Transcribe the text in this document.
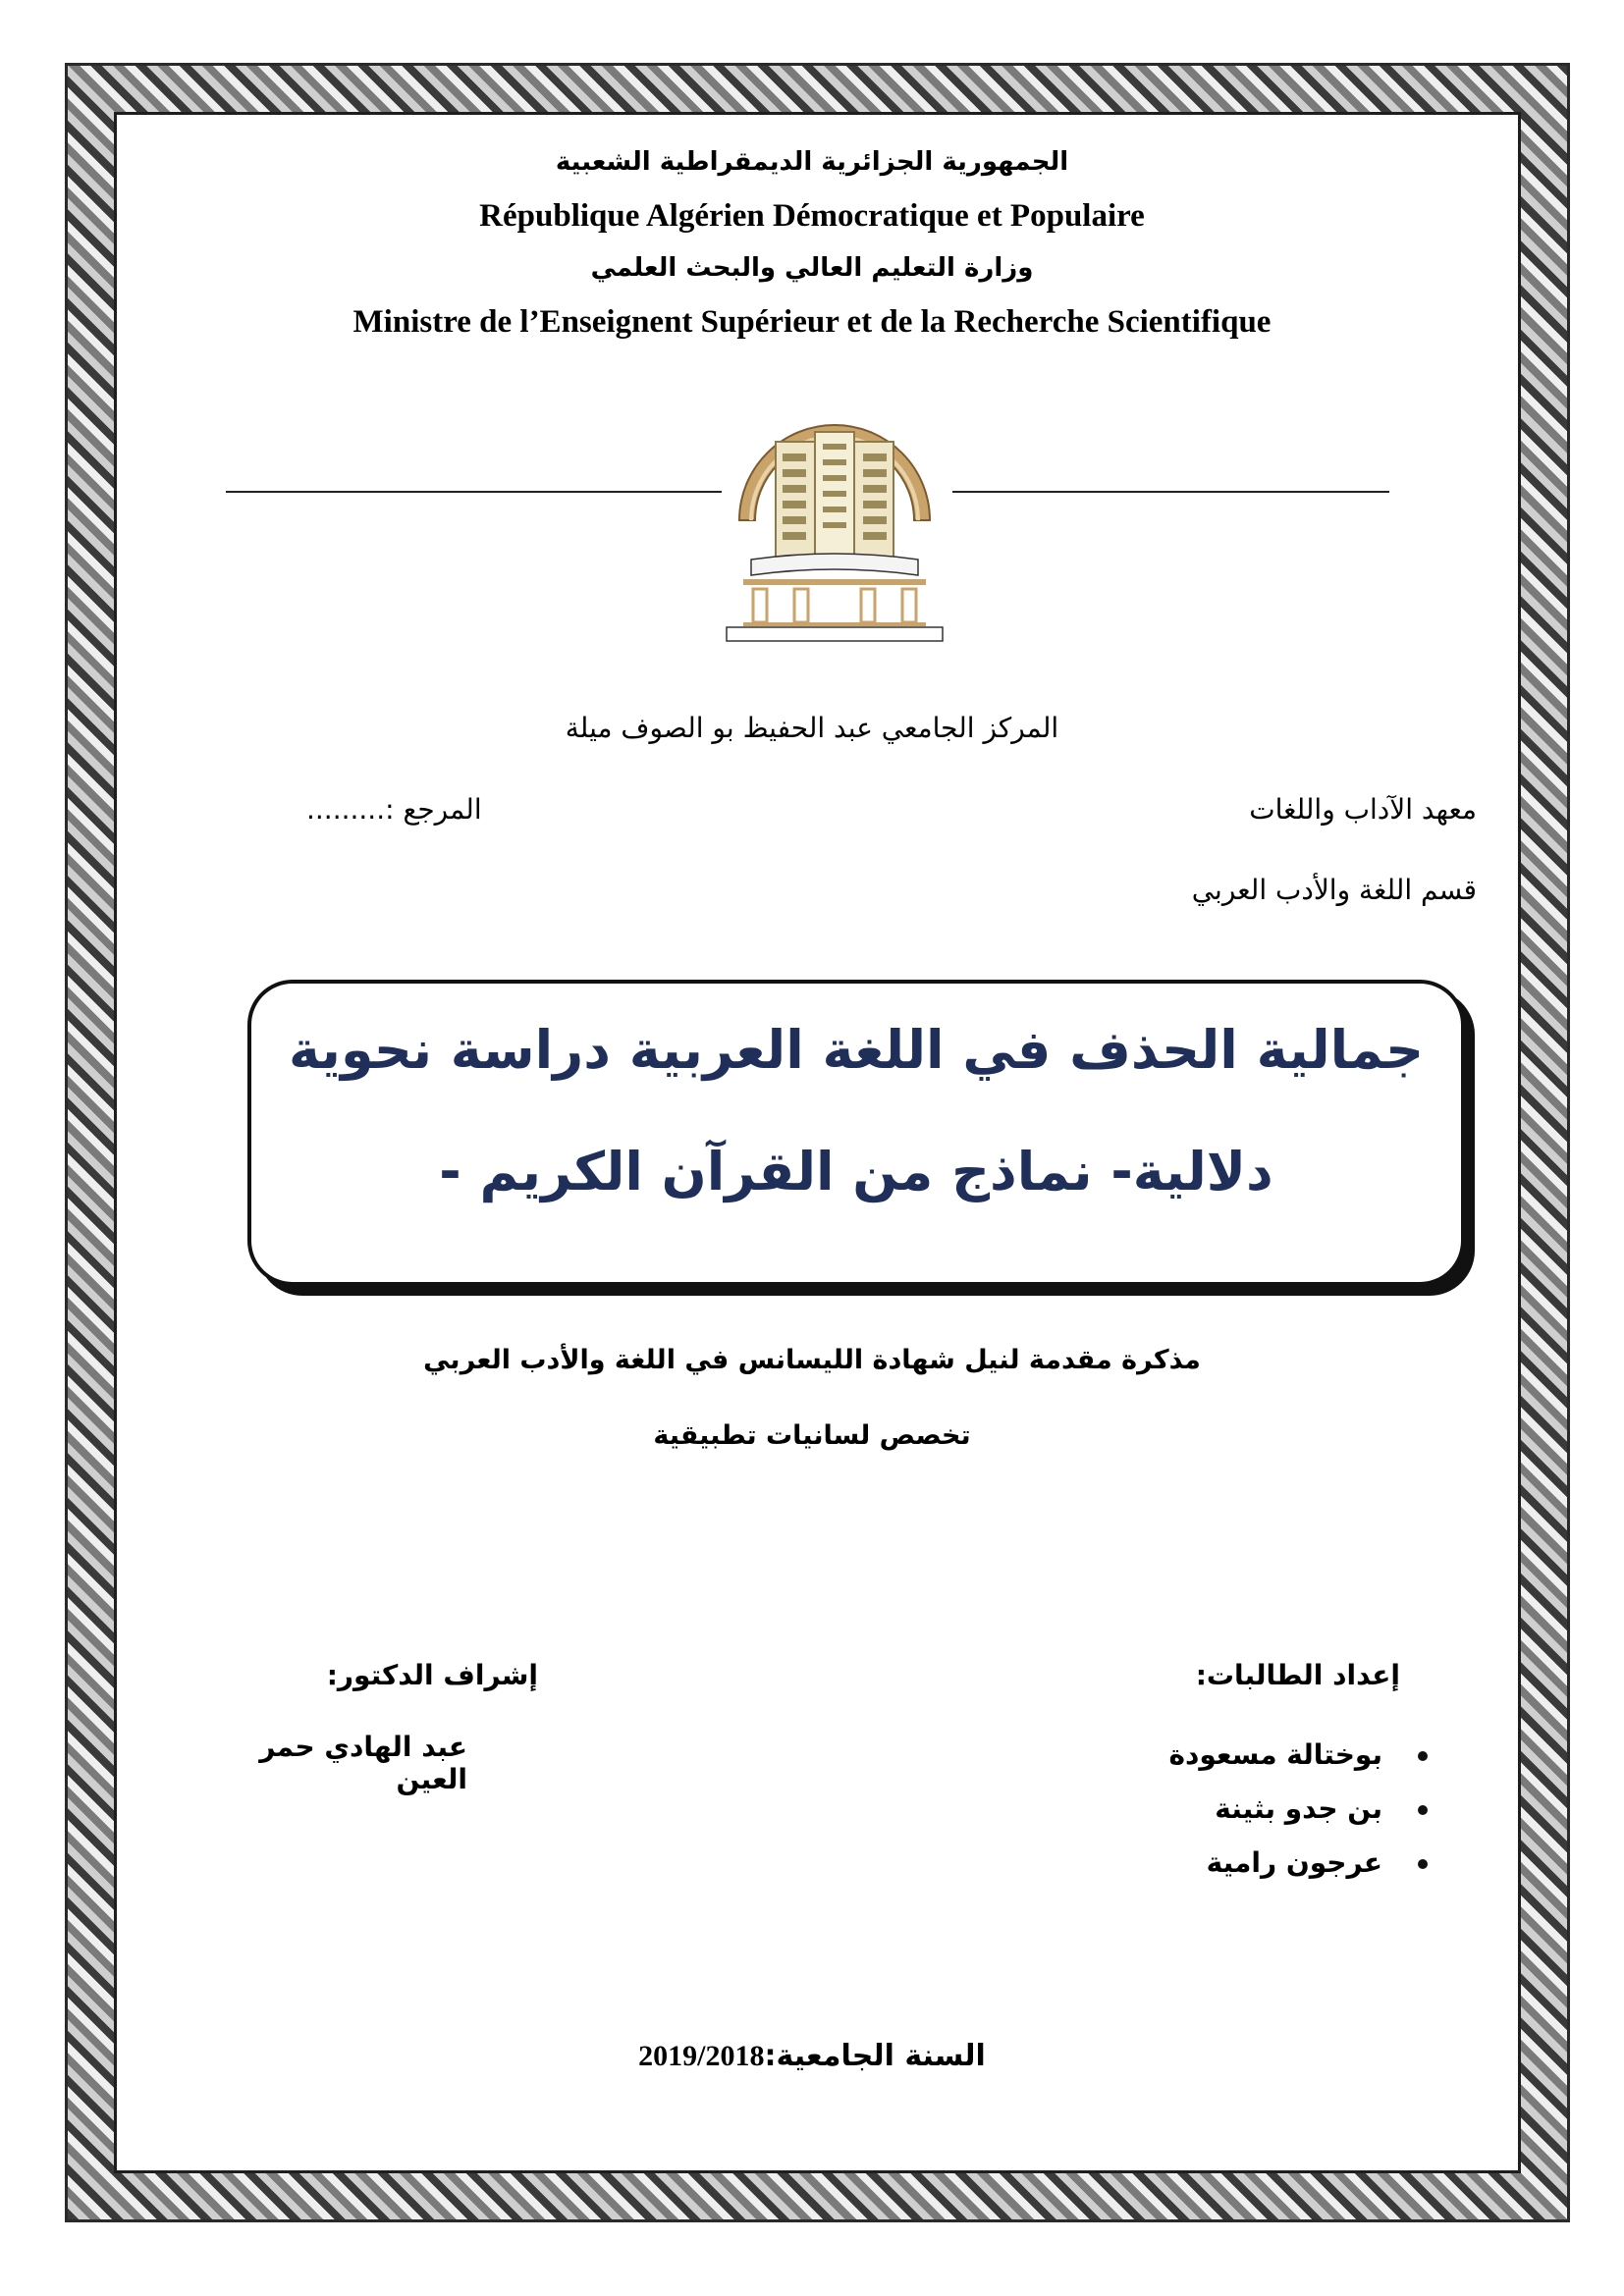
الجمهورية الجزائرية الديمقراطية الشعبية
République Algérien Démocratique et Populaire
وزارة التعليم العالي والبحث العلمي
Ministre de l’Enseignent Supérieur et de la Recherche Scientifique
المركز الجامعي عبد الحفيظ بو الصوف ميلة
معهد الآداب واللغات
المرجع :.........
قسم اللغة والأدب العربي
جمالية الحذف في اللغة العربية دراسة نحوية
دلالية- نماذج من القرآن الكريم -
مذكرة مقدمة لنيل شهادة الليسانس في اللغة والأدب العربي
تخصص لسانيات تطبيقية
إعداد الطالبات:
إشراف الدكتور:
بوختالة مسعودة
بن جدو بثينة
عرجون رامية
عبد الهادي حمر العين
السنة الجامعية:2019/2018
